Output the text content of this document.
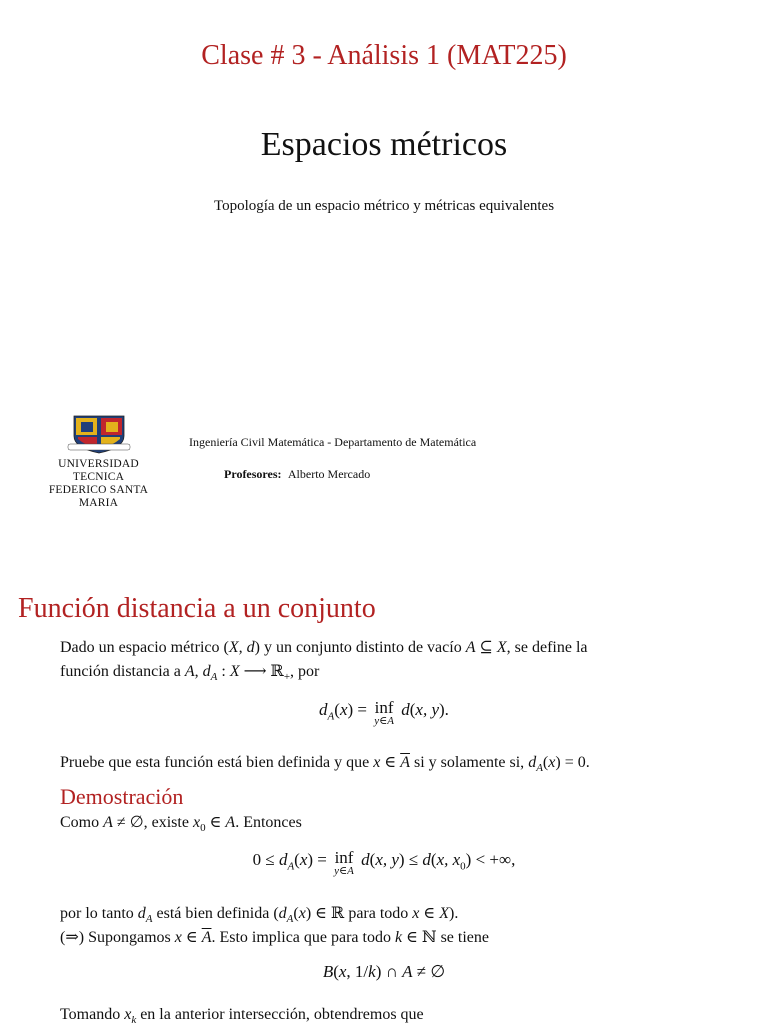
Clase # 3 - Análisis 1 (MAT225)
Espacios métricos
Topología de un espacio métrico y métricas equivalentes
UNIVERSIDAD TECNICA
FEDERICO SANTA MARIA
Ingeniería Civil Matemática - Departamento de Matemática
Profesores: Alberto Mercado
Función distancia a un conjunto
Dado un espacio métrico (X, d) y un conjunto distinto de vacío A ⊆ X, se define la
función distancia a A, $d_A$ : X ⟶ ℝ$_+$, por
$d_A(x)$ = inf
y∈A
d(x, y).
Pruebe que esta función está bien definida y que x ∈ $\overline{A}$ si y solamente si, $d_A(x) = 0$.
Demostración
Como A ≠ ∅, existe $x_0$ ∈ A. Entonces
$0 \le d_A(x)$ = inf
y∈A
d(x, y) ≤ d(x, $x_0$) < +∞,
por lo tanto $d_A$ está bien definida ($d_A(x)$ ∈ ℝ para todo x ∈ X).
(⇒) Supongamos x ∈ $\overline{A}$. Esto implica que para todo k ∈ ℕ se tiene
B(x, 1/k) ∩ A ≠ ∅
Tomando $x_k$ en la anterior intersección, obtendremos que
